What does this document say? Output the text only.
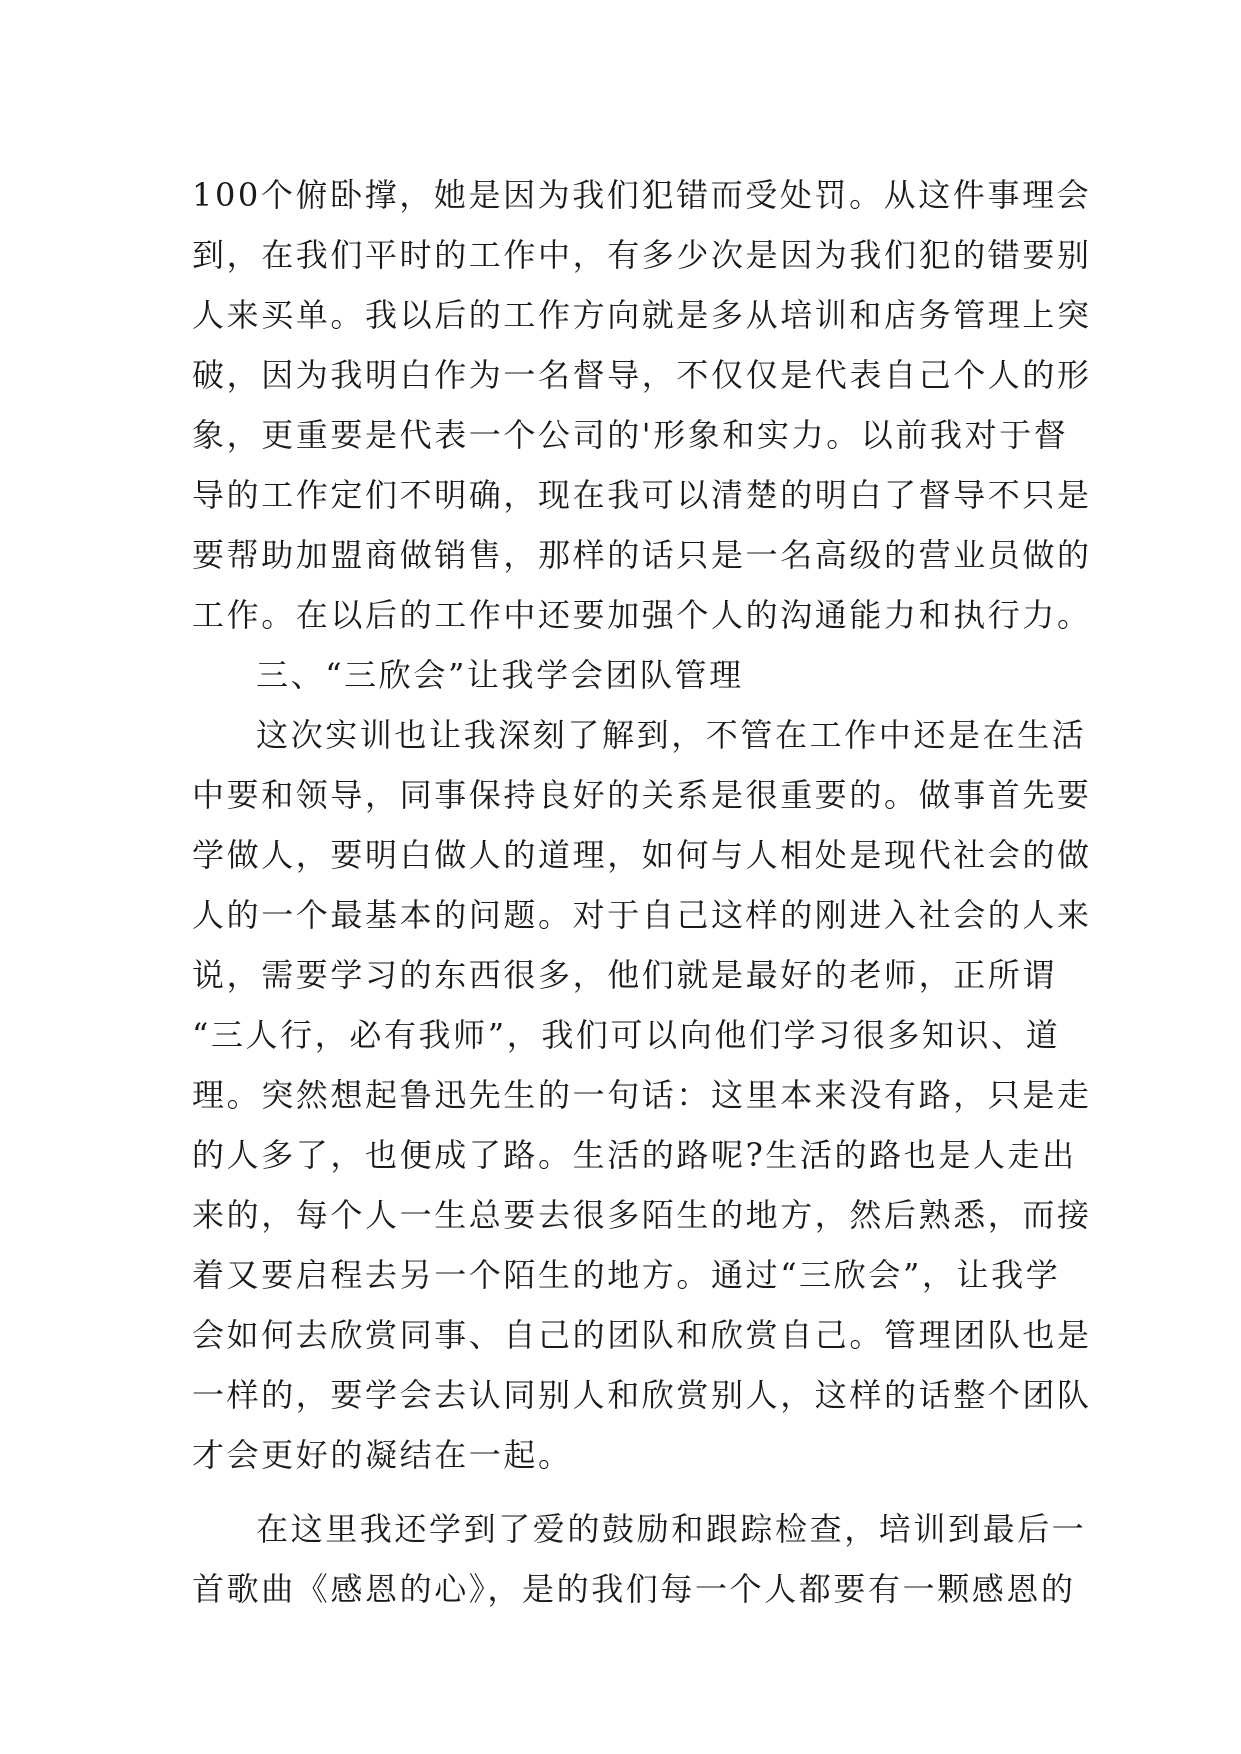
100个俯卧撑，她是因为我们犯错而受处罚。从这件事理会
到，在我们平时的工作中，有多少次是因为我们犯的错要别
人来买单。我以后的工作方向就是多从培训和店务管理上突
破，因为我明白作为一名督导，不仅仅是代表自己个人的形
象，更重要是代表一个公司的'形象和实力。以前我对于督
导的工作定们不明确，现在我可以清楚的明白了督导不只是
要帮助加盟商做销售，那样的话只是一名高级的营业员做的
工作。在以后的工作中还要加强个人的沟通能力和执行力。
三、“三欣会”让我学会团队管理
这次实训也让我深刻了解到，不管在工作中还是在生活
中要和领导，同事保持良好的关系是很重要的。做事首先要
学做人，要明白做人的道理，如何与人相处是现代社会的做
人的一个最基本的问题。对于自己这样的刚进入社会的人来
说，需要学习的东西很多，他们就是最好的老师，正所谓
“三人行，必有我师”，我们可以向他们学习很多知识、道
理。突然想起鲁迅先生的一句话：这里本来没有路，只是走
的人多了，也便成了路。生活的路呢?生活的路也是人走出
来的，每个人一生总要去很多陌生的地方，然后熟悉，而接
着又要启程去另一个陌生的地方。通过“三欣会”，让我学
会如何去欣赏同事、自己的团队和欣赏自己。管理团队也是
一样的，要学会去认同别人和欣赏别人，这样的话整个团队
才会更好的凝结在一起。
在这里我还学到了爱的鼓励和跟踪检查，培训到最后一
首歌曲《感恩的心》，是的我们每一个人都要有一颗感恩的
